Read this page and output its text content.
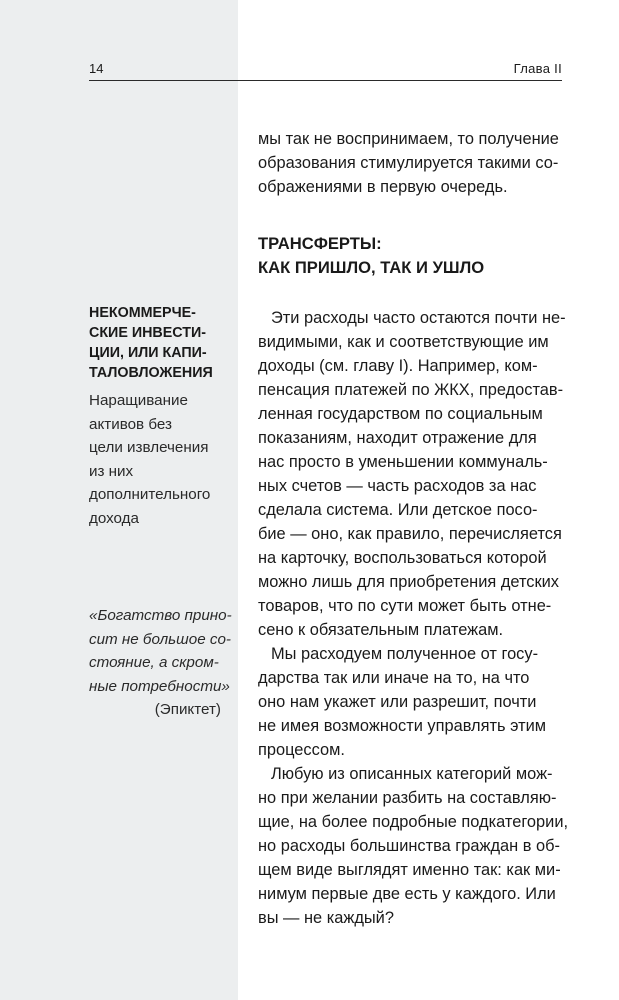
14	Глава II
НЕКОММЕРЧЕ-
СКИЕ ИНВЕСТИ-
ЦИИ, ИЛИ КАПИ-
ТАЛОВЛОЖЕНИЯ
Наращивание
активов без
цели извлечения
из них
дополнительного
дохода
«Богатство прино-
сит не большое со-
стояние, а скром-
ные потребности»
(Эпиктет)

мы так не воспринимаем, то получение
образования стимулируется такими со-
ображениями в первую очередь.

ТРАНСФЕРТЫ:
КАК ПРИШЛО, ТАК И УШЛО

Эти расходы часто остаются почти не-
видимыми, как и соответствующие им
доходы (см. главу I). Например, ком-
пенсация платежей по ЖКХ, предостав-
ленная государством по социальным
показаниям, находит отражение для
нас просто в уменьшении коммуналь-
ных счетов — часть расходов за нас
сделала система. Или детское посо-
бие — оно, как правило, перечисляется
на карточку, воспользоваться которой
можно лишь для приобретения детских
товаров, что по сути может быть отне-
сено к обязательным платежам.

Мы расходуем полученное от госу-
дарства так или иначе на то, на что
оно нам укажет или разрешит, почти
не имея возможности управлять этим
процессом.

Любую из описанных категорий мож-
но при желании разбить на составляю-
щие, на более подробные подкатегории,
но расходы большинства граждан в об-
щем виде выглядят именно так: как ми-
нимум первые две есть у каждого. Или
вы — не каждый?
